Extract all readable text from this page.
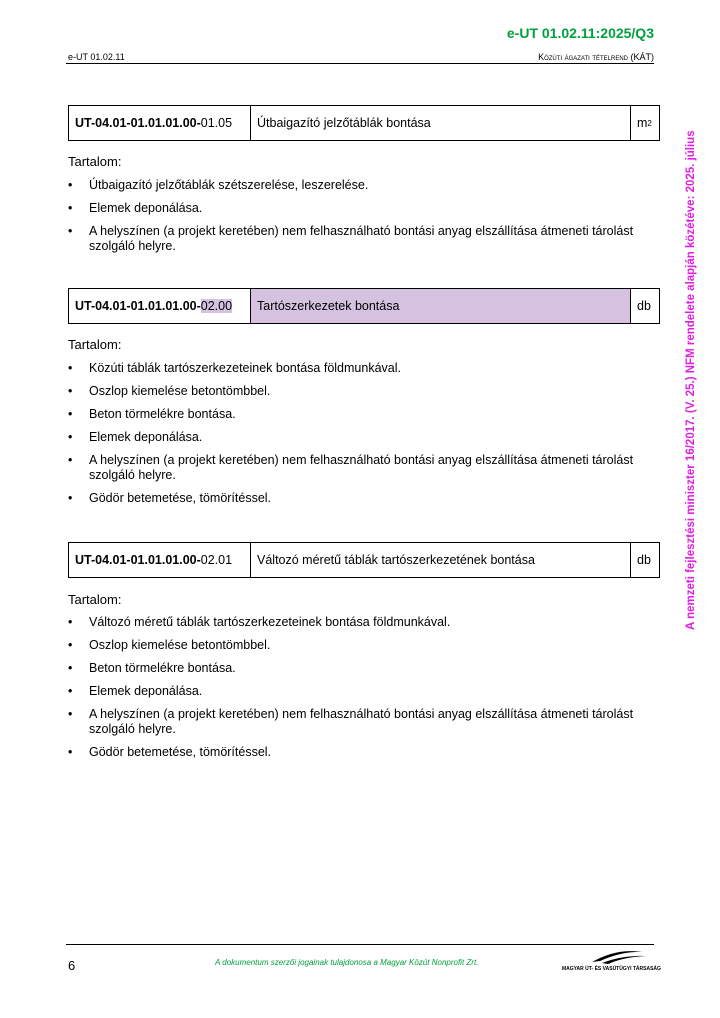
e-UT 01.02.11:2025/Q3
e-UT 01.02.11	Közúti ágazati tételrend (KÁT)
A nemzeti fejlesztési miniszter 16/2017. (V. 25.) NFM rendelete alapján közétéve: 2025. július
UT-04.01-01.01.01.00- 01.05	Útbaigazító jelzőtáblák bontása	m 2
Tartalom:
• Útbaigazító jelzőtáblák szétszerelése, leszerelése.
• Elemek deponálása.
• A helyszínen (a projekt keretében) nem felhasználható bontási anyag elszállítása átmeneti tárolást szolgáló helyre.
UT-04.01-01.01.01.00- 02.00	Tartószerkezetek bontása	db
Tartalom:
• Közúti táblák tartószerkezeteinek bontása földmunkával.
• Oszlop kiemelése betontömbbel.
• Beton törmelékre bontása.
• Elemek deponálása.
• A helyszínen (a projekt keretében) nem felhasználható bontási anyag elszállítása átmeneti tárolást szolgáló helyre.
• Gödör betemetése, tömörítéssel.
UT-04.01-01.01.01.00- 02.01	Változó méretű táblák tartószerkezetének bontása	db
Tartalom:
• Változó méretű táblák tartószerkezeteinek bontása földmunkával.
• Oszlop kiemelése betontömbbel.
• Beton törmelékre bontása.
• Elemek deponálása.
• A helyszínen (a projekt keretében) nem felhasználható bontási anyag elszállítása átmeneti tárolást szolgáló helyre.
• Gödör betemetése, tömörítéssel.
6	A dokumentum szerzői jogainak tulajdonosa a Magyar Közút Nonprofit Zrt.
MAGYAR ÚT- ÉS VASÚTÜGYI TÁRSASÁG
